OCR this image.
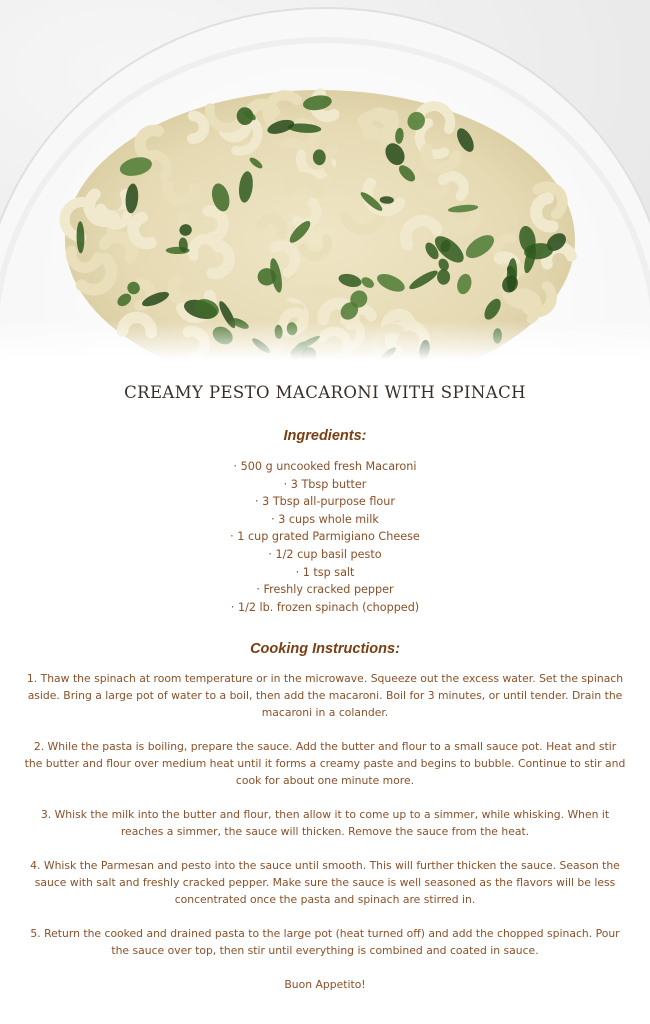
CREAMY PESTO MACARONI WITH SPINACH
Ingredients:
· 500 g uncooked fresh Macaroni
· 3 Tbsp butter
· 3 Tbsp all-purpose flour
· 3 cups whole milk
· 1 cup grated Parmigiano Cheese
· 1/2 cup basil pesto
· 1 tsp salt
· Freshly cracked pepper
· 1/2 lb. frozen spinach (chopped)
Cooking Instructions:

1. Thaw the spinach at room temperature or in the microwave. Squeeze out the excess water. Set the spinach aside. Bring a large pot of water to a boil, then add the macaroni. Boil for 3 minutes, or until tender. Drain the macaroni in a colander.

2. While the pasta is boiling, prepare the sauce. Add the butter and flour to a small sauce pot. Heat and stir the butter and flour over medium heat until it forms a creamy paste and begins to bubble. Continue to stir and cook for about one minute more.

3. Whisk the milk into the butter and flour, then allow it to come up to a simmer, while whisking. When it reaches a simmer, the sauce will thicken. Remove the sauce from the heat.

4. Whisk the Parmesan and pesto into the sauce until smooth. This will further thicken the sauce. Season the sauce with salt and freshly cracked pepper. Make sure the sauce is well seasoned as the flavors will be less concentrated once the pasta and spinach are stirred in.

5. Return the cooked and drained pasta to the large pot (heat turned off) and add the chopped spinach. Pour the sauce over top, then stir until everything is combined and coated in sauce.

Buon Appetito!
